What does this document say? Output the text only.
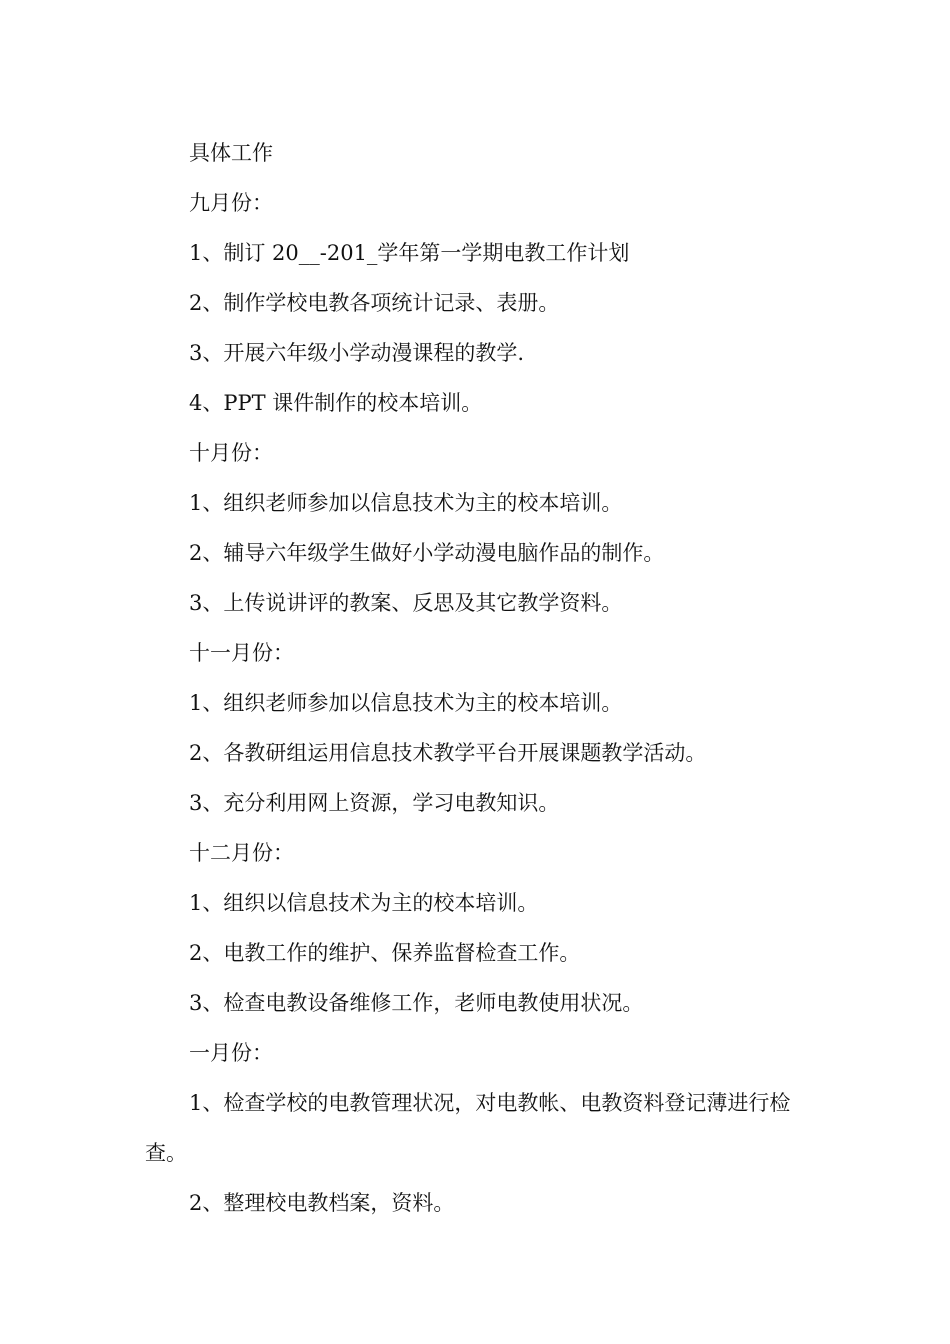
具体工作

九月份：

1、制订 20__-201_学年第一学期电教工作计划

2、制作学校电教各项统计记录、表册。

3、开展六年级小学动漫课程的教学.

4、PPT 课件制作的校本培训。

十月份：

1、组织老师参加以信息技术为主的校本培训。

2、辅导六年级学生做好小学动漫电脑作品的制作。

3、上传说讲评的教案、反思及其它教学资料。

十一月份：

1、组织老师参加以信息技术为主的校本培训。

2、各教研组运用信息技术教学平台开展课题教学活动。

3、充分利用网上资源，学习电教知识。

十二月份：

1、组织以信息技术为主的校本培训。

2、电教工作的维护、保养监督检查工作。

3、检查电教设备维修工作，老师电教使用状况。

一月份：

1、检查学校的电教管理状况，对电教帐、电教资料登记薄进行检查。

2、整理校电教档案，资料。
